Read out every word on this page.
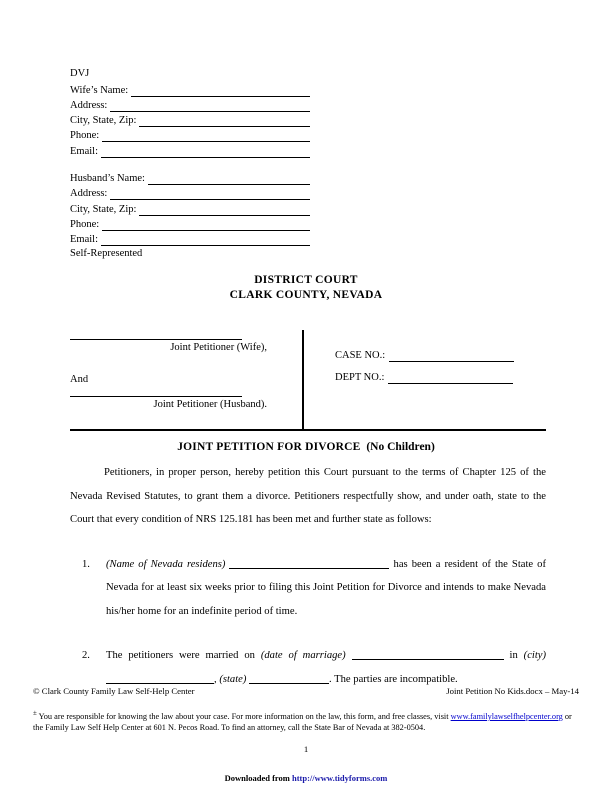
DVJ
Wife’s Name:
Address:
City, State, Zip:
Phone:
Email:
Husband’s Name:
Address:
City, State, Zip:
Phone:
Email:
Self-Represented
DISTRICT COURT
CLARK COUNTY, NEVADA
Joint Petitioner (Wife),
And
Joint Petitioner (Husband).
CASE NO.:
DEPT NO.:
JOINT PETITION FOR DIVORCE (No Children)

Petitioners, in proper person, hereby petition this Court pursuant to the terms of Chapter 125 of the Nevada Revised Statutes, to grant them a divorce. Petitioners respectfully show, and under oath, state to the Court that every condition of NRS 125.181 has been met and further state as follows:

1.	(Name of Nevada residens)	has been a resident of the State of Nevada for at least six weeks prior to filing this Joint Petition for Divorce and intends to make Nevada his/her home for an indefinite period of time.
2.	The petitioners were married on (date of marriage)	in (city) , (state)	. The parties are incompatible.
© Clark County Family Law Self-Help Center	Joint Petition No Kids.docx – May-14
± You are responsible for knowing the law about your case. For more information on the law, this form, and free classes, visit www.familylawselfhelpcenter.org or the Family Law Self Help Center at 601 N. Pecos Road. To find an attorney, call the State Bar of Nevada at 382-0504.
1
Downloaded from http://www.tidyforms.com
